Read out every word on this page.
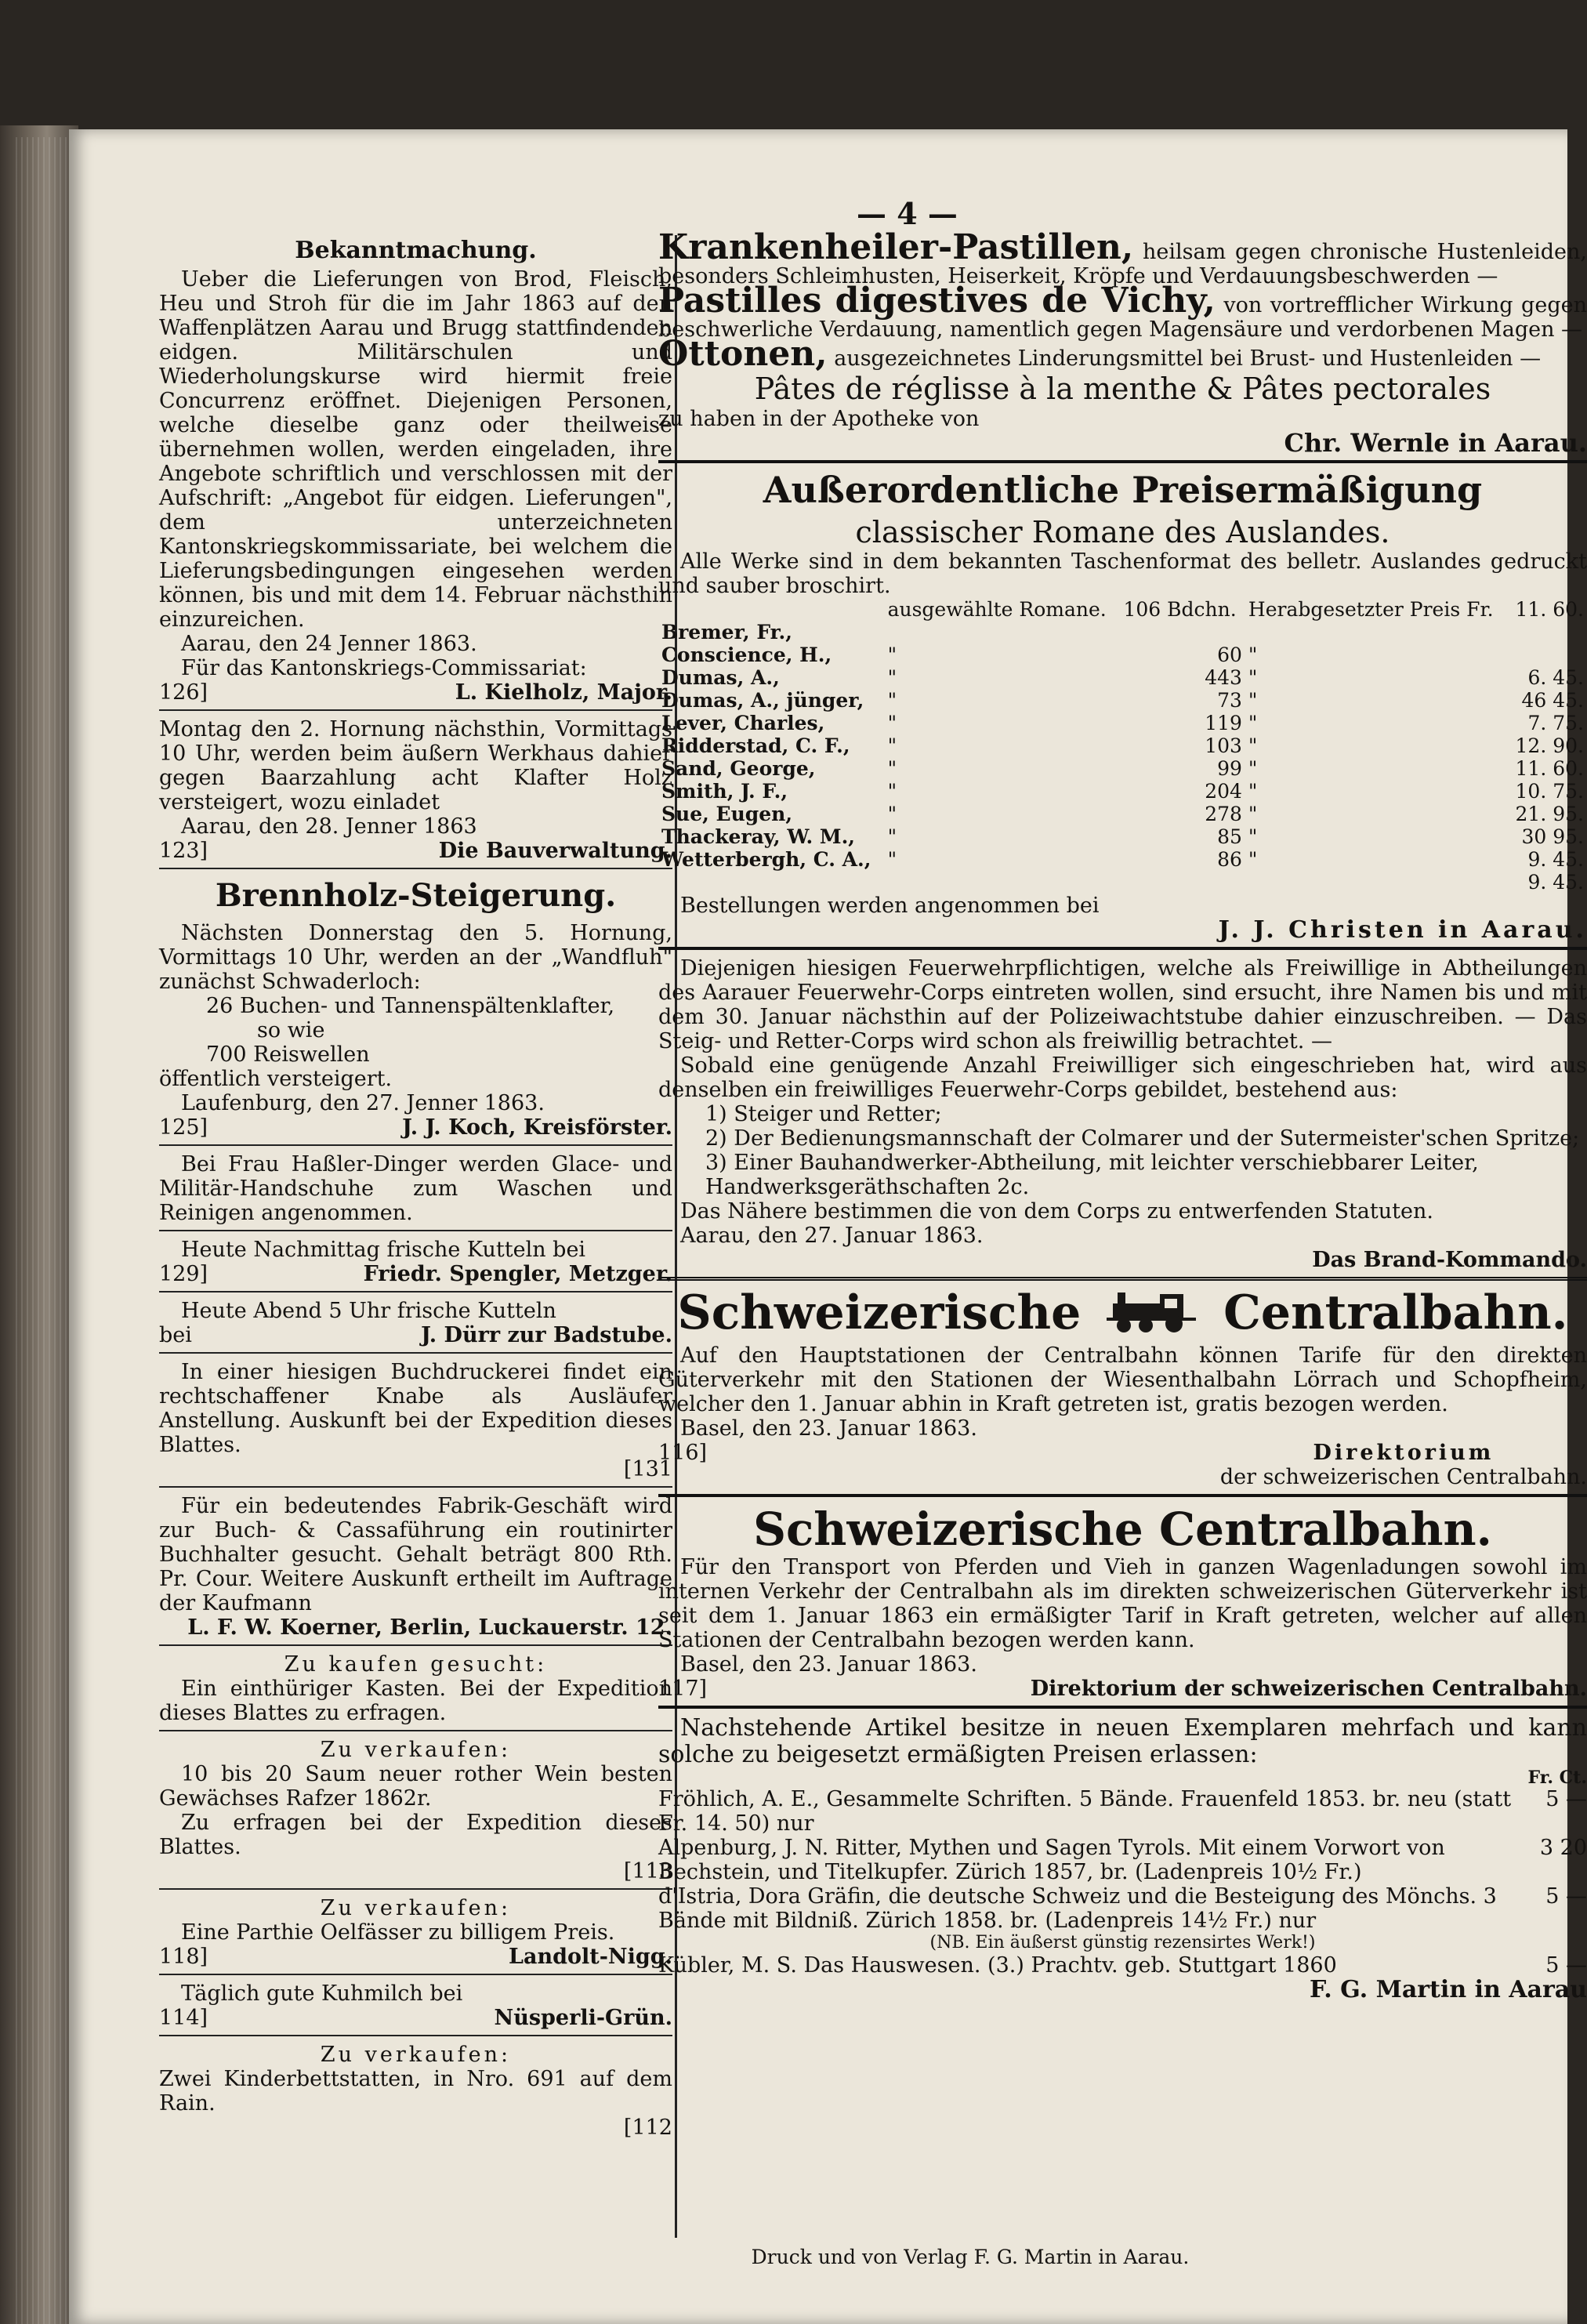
— 4 —
Bekanntmachung.

Ueber die Lieferungen von Brod, Fleisch, Heu und Stroh für die im Jahr 1863 auf den Waffenplätzen Aarau und Brugg stattfindenden eidgen. Militärschulen und Wiederholungskurse wird hiermit freie Concurrenz eröffnet. Diejenigen Personen, welche dieselbe ganz oder theilweise übernehmen wollen, werden eingeladen, ihre Angebote schriftlich und verschlossen mit der Aufschrift: „Angebot für eidgen. Lieferungen", dem unterzeichneten Kantonskriegskommissariate, bei welchem die Lieferungsbedingungen eingesehen werden können, bis und mit dem 14. Februar nächsthin einzureichen.

Aarau, den 24 Jenner 1863.

Für das Kantonskriegs-Commissariat:

126]	L. Kielholz, Major.

Montag den 2. Hornung nächsthin, Vormittags 10 Uhr, werden beim äußern Werkhaus dahier gegen Baarzahlung acht Klafter Holz versteigert, wozu einladet

Aarau, den 28. Jenner 1863

123]	Die Bauverwaltung.
Brennholz-Steigerung.

Nächsten Donnerstag den 5. Hornung, Vormittags 10 Uhr, werden an der „Wandfluh" zunächst Schwaderloch:

26 Buchen- und Tannenspältenklafter,

so wie

700 Reiswellen

öffentlich versteigert.

Laufenburg, den 27. Jenner 1863.

125]	J. J. Koch, Kreisförster.

Bei Frau Haßler-Dinger werden Glace- und Militär-Handschuhe zum Waschen und Reinigen angenommen.

Heute Nachmittag frische Kutteln bei

129]	Friedr. Spengler, Metzger.

Heute Abend 5 Uhr frische Kutteln

bei	J. Dürr zur Badstube.

In einer hiesigen Buchdruckerei findet ein rechtschaffener Knabe als Ausläufer Anstellung. Auskunft bei der Expedition dieses Blattes.

[131

Für ein bedeutendes Fabrik-Geschäft wird zur Buch- & Cassaführung ein routinirter Buchhalter gesucht. Gehalt beträgt 800 Rth. Pr. Cour. Weitere Auskunft ertheilt im Auftrage der Kaufmann

L. F. W. Koerner, Berlin, Luckauerstr. 12.

Zu kaufen gesucht:

Ein einthüriger Kasten. Bei der Expedition dieses Blattes zu erfragen.

Zu verkaufen:

10 bis 20 Saum neuer rother Wein besten Gewächses Rafzer 1862r.

Zu erfragen bei der Expedition dieses Blattes.

[113

Zu verkaufen:

Eine Parthie Oelfässer zu billigem Preis.

118]	Landolt-Nigg.

Täglich gute Kuhmilch bei

114]	Nüsperli-Grün.
Zu verkaufen:

Zwei Kinderbettstatten, in Nro. 691 auf dem Rain.

[112

Krankenheiler-Pastillen, heilsam gegen chronische Hustenleiden, besonders Schleimhusten, Heiserkeit, Kröpfe und Verdauungsbeschwerden —

Pastilles digestives de Vichy, von vortrefflicher Wirkung gegen beschwerliche Verdauung, namentlich gegen Magensäure und verdorbenen Magen —

Ottonen, ausgezeichnetes Linderungsmittel bei Brust- und Hustenleiden —

Pâtes de réglisse à la menthe & Pâtes pectorales

zu haben in der Apotheke von

Chr. Wernle in Aarau.

Außerordentliche Preisermäßigung
classischer Romane des Auslandes.

Alle Werke sind in dem bekannten Taschenformat des belletr. Auslandes gedruckt und sauber broschirt.

	ausgewählte Romane.	106 Bdchn.	Herabgesetzter Preis Fr.	11. 60.
Bremer, Fr.,				
Conscience, H.,	"	60	"	
Dumas, A.,	"	443	"	6. 45.
Dumas, A., jünger,	"	73	"	46 45.
Lever, Charles,	"	119	"	7. 75.
Ridderstad, C. F.,	"	103	"	12. 90.
Sand, George,	"	99	"	11. 60.
Smith, J. F.,	"	204	"	10. 75.
Sue, Eugen,	"	278	"	21. 95.
Thackeray, W. M.,	"	85	"	30 95.
Wetterbergh, C. A.,	"	86	"	9. 45.
				9. 45.

Bestellungen werden angenommen bei

J. J. Christen in Aarau.

Diejenigen hiesigen Feuerwehrpflichtigen, welche als Freiwillige in Abtheilungen des Aarauer Feuerwehr-Corps eintreten wollen, sind ersucht, ihre Namen bis und mit dem 30. Januar nächsthin auf der Polizeiwachtstube dahier einzuschreiben. — Das Steig- und Retter-Corps wird schon als freiwillig betrachtet. —

Sobald eine genügende Anzahl Freiwilliger sich eingeschrieben hat, wird aus denselben ein freiwilliges Feuerwehr-Corps gebildet, bestehend aus:

1) Steiger und Retter;

2) Der Bedienungsmannschaft der Colmarer und der Sutermeister'schen Spritze;

3) Einer Bauhandwerker-Abtheilung, mit leichter verschiebbarer Leiter, Handwerksgeräthschaften 2c.

Das Nähere bestimmen die von dem Corps zu entwerfenden Statuten.

Aarau, den 27. Januar 1863.

Das Brand-Kommando.

Schweizerische	Centralbahn.

Auf den Hauptstationen der Centralbahn können Tarife für den direkten Güterverkehr mit den Stationen der Wiesenthalbahn Lörrach und Schopfheim, welcher den 1. Januar abhin in Kraft getreten ist, gratis bezogen werden.

Basel, den 23. Januar 1863.

116]	Direktorium
der schweizerischen Centralbahn.
Schweizerische Centralbahn.

Für den Transport von Pferden und Vieh in ganzen Wagenladungen sowohl im internen Verkehr der Centralbahn als im direkten schweizerischen Güterverkehr ist seit dem 1. Januar 1863 ein ermäßigter Tarif in Kraft getreten, welcher auf allen Stationen der Centralbahn bezogen werden kann.

Basel, den 23. Januar 1863.

117]	Direktorium der schweizerischen Centralbahn.

Nachstehende Artikel besitze in neuen Exemplaren mehrfach und kann solche zu beigesetzt ermäßigten Preisen erlassen:

Fr. Ct.

Fröhlich, A. E., Gesammelte Schriften. 5 Bände. Frauenfeld 1853. br. neu (statt Fr. 14. 50) nur
5 —
Alpenburg, J. N. Ritter, Mythen und Sagen Tyrols. Mit einem Vorwort von Bechstein, und Titelkupfer. Zürich 1857, br. (Ladenpreis 10½ Fr.)
3 20
d'Istria, Dora Gräfin, die deutsche Schweiz und die Besteigung des Mönchs. 3 Bände mit Bildniß. Zürich 1858. br. (Ladenpreis 14½ Fr.) nur
5 —

(NB. Ein äußerst günstig rezensirtes Werk!)

Kübler, M. S. Das Hauswesen. (3.) Prachtv. geb. Stuttgart 1860	5 —

F. G. Martin in Aarau

Druck und von Verlag F. G. Martin in Aarau.
